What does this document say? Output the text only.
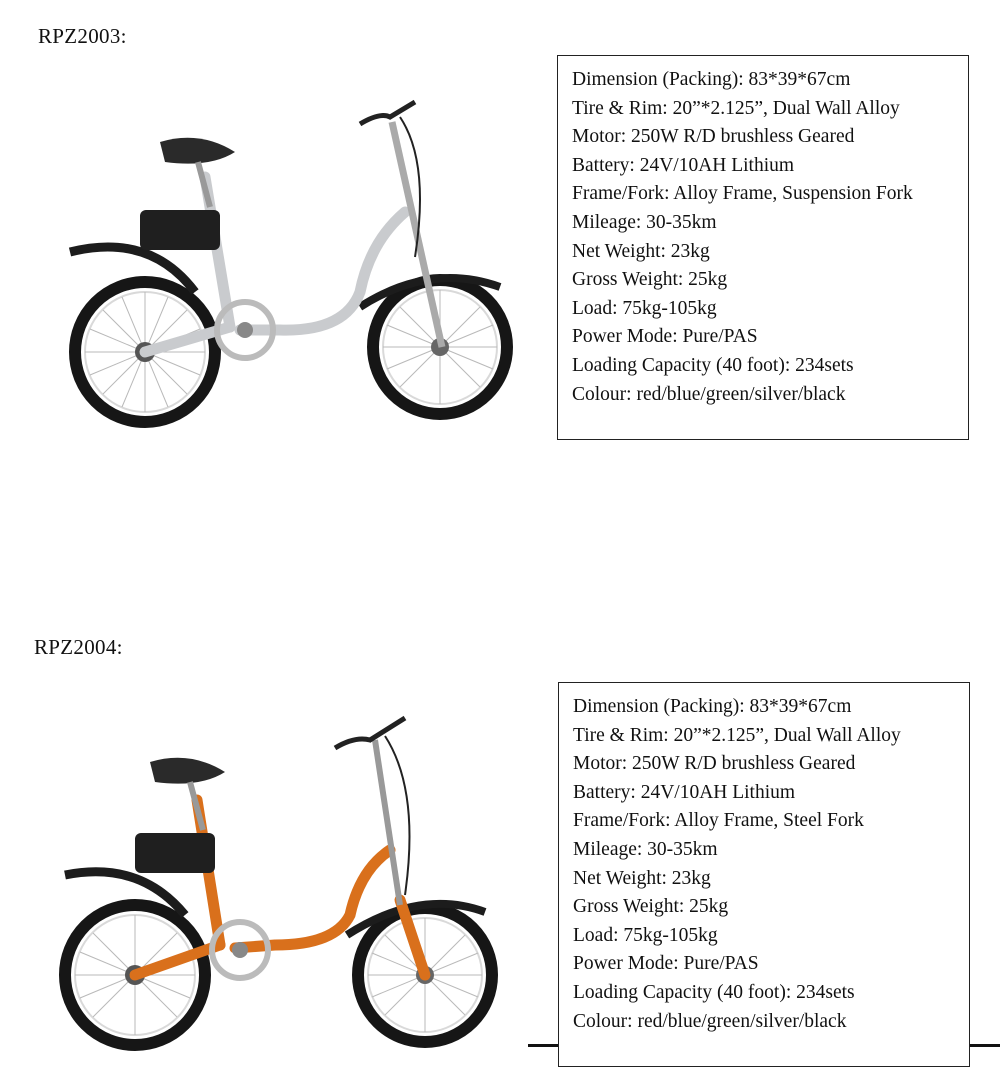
RPZ2003:
Dimension (Packing): 83*39*67cm
Tire & Rim: 20”*2.125”, Dual Wall Alloy
Motor: 250W R/D brushless Geared
Battery: 24V/10AH Lithium
Frame/Fork: Alloy Frame, Suspension Fork
Mileage: 30-35km
Net Weight: 23kg
Gross Weight: 25kg
Load: 75kg-105kg
Power Mode: Pure/PAS
Loading Capacity (40 foot): 234sets
Colour: red/blue/green/silver/black
RPZ2004:
Dimension (Packing): 83*39*67cm
Tire & Rim: 20”*2.125”, Dual Wall Alloy
Motor: 250W R/D brushless Geared
Battery: 24V/10AH Lithium
Frame/Fork: Alloy Frame, Steel Fork
Mileage: 30-35km
Net Weight: 23kg
Gross Weight: 25kg
Load: 75kg-105kg
Power Mode: Pure/PAS
Loading Capacity (40 foot): 234sets
Colour: red/blue/green/silver/black
